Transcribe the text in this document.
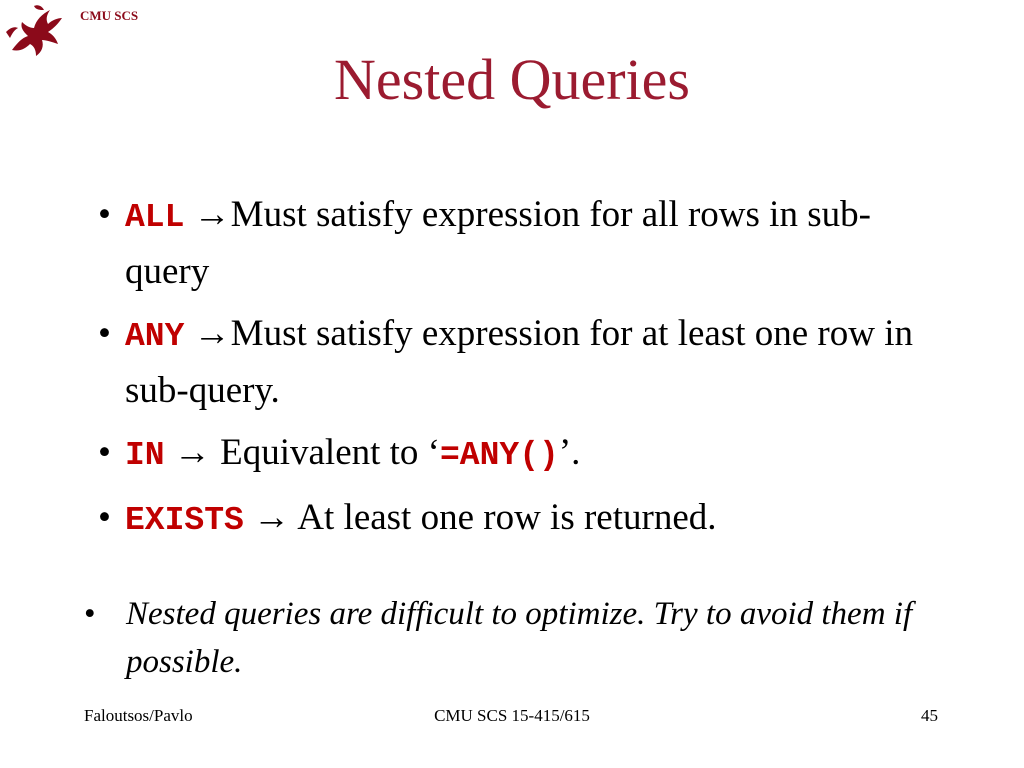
CMU SCS
Nested Queries
• ALL →Must satisfy expression for all rows in sub-query
• ANY →Must satisfy expression for at least one row in sub-query.
• IN → Equivalent to ‘=ANY()’.
• EXISTS → At least one row is returned.
• Nested queries are difficult to optimize. Try to avoid them if possible.
Faloutsos/Pavlo	CMU SCS 15-415/615	45
